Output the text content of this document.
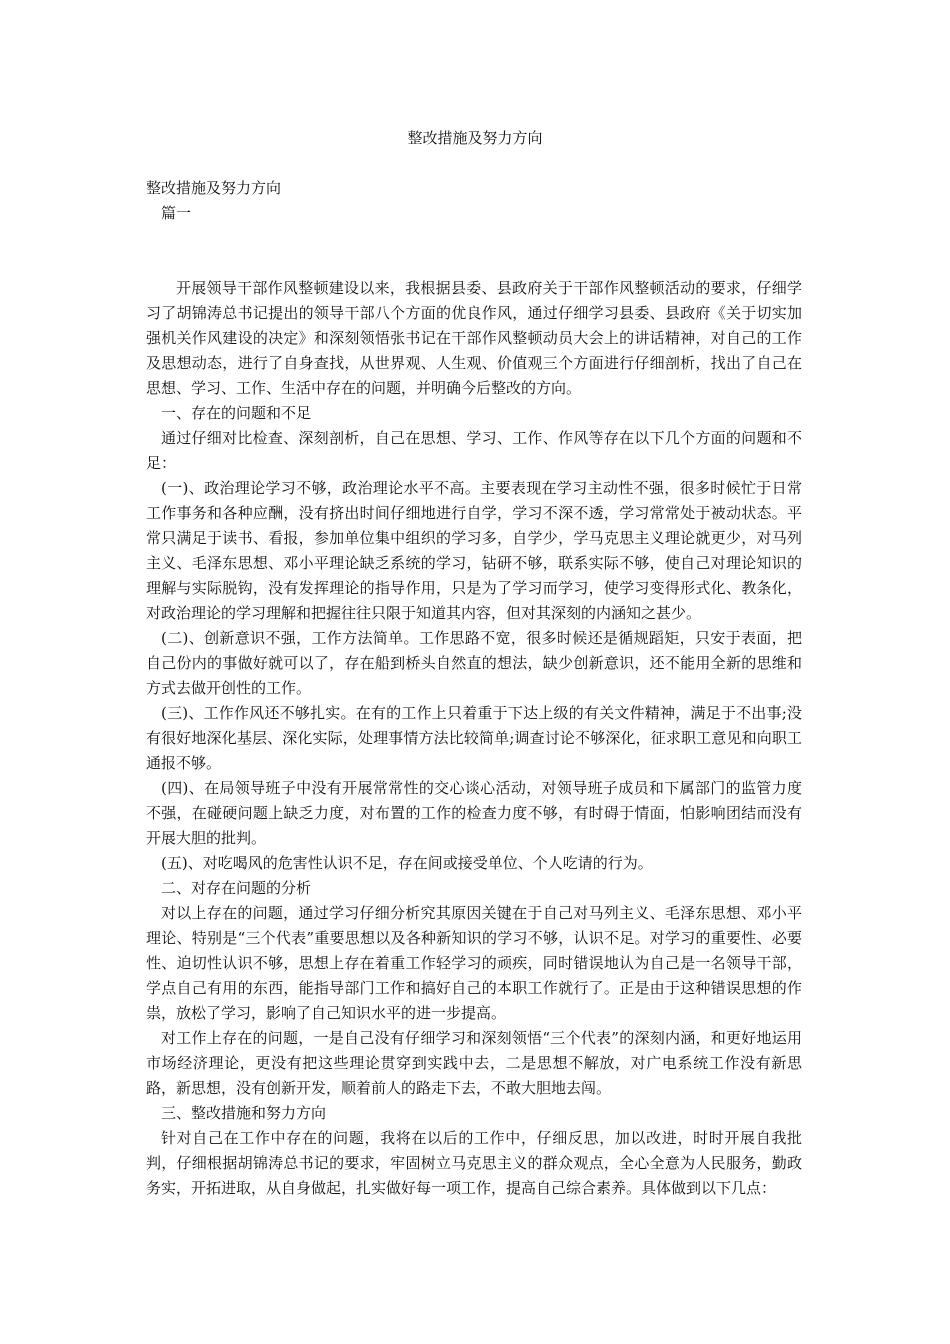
整改措施及努力方向

整改措施及努力方向

篇一

开展领导干部作风整顿建设以来，我根据县委、县政府关于干部作风整顿活动的要求，仔细学习了胡锦涛总书记提出的领导干部八个方面的优良作风，通过仔细学习县委、县政府《关于切实加强机关作风建设的决定》和深刻领悟张书记在干部作风整顿动员大会上的讲话精神，对自己的工作及思想动态，进行了自身查找，从世界观、人生观、价值观三个方面进行仔细剖析，找出了自己在思想、学习、工作、生活中存在的问题，并明确今后整改的方向。

一、存在的问题和不足

通过仔细对比检查、深刻剖析，自己在思想、学习、工作、作风等存在以下几个方面的问题和不足：

(一)、政治理论学习不够，政治理论水平不高。主要表现在学习主动性不强，很多时候忙于日常工作事务和各种应酬，没有挤出时间仔细地进行自学，学习不深不透，学习常常处于被动状态。平常只满足于读书、看报，参加单位集中组织的学习多，自学少，学马克思主义理论就更少，对马列主义、毛泽东思想、邓小平理论缺乏系统的学习，钻研不够，联系实际不够，使自己对理论知识的理解与实际脱钩，没有发挥理论的指导作用，只是为了学习而学习，使学习变得形式化、教条化，对政治理论的学习理解和把握往往只限于知道其内容，但对其深刻的内涵知之甚少。

(二)、创新意识不强，工作方法简单。工作思路不宽，很多时候还是循规蹈矩，只安于表面，把自己份内的事做好就可以了，存在船到桥头自然直的想法，缺少创新意识，还不能用全新的思维和方式去做开创性的工作。

(三)、工作作风还不够扎实。在有的工作上只着重于下达上级的有关文件精神，满足于不出事;没有很好地深化基层、深化实际，处理事情方法比较简单;调查讨论不够深化，征求职工意见和向职工通报不够。

(四)、在局领导班子中没有开展常常性的交心谈心活动，对领导班子成员和下属部门的监管力度不强，在碰硬问题上缺乏力度，对布置的工作的检查力度不够，有时碍于情面，怕影响团结而没有开展大胆的批判。

(五)、对吃喝风的危害性认识不足，存在间或接受单位、个人吃请的行为。

二、对存在问题的分析

对以上存在的问题，通过学习仔细分析究其原因关键在于自己对马列主义、毛泽东思想、邓小平理论、特别是“三个代表”重要思想以及各种新知识的学习不够，认识不足。对学习的重要性、必要性、迫切性认识不够，思想上存在着重工作轻学习的顽疾，同时错误地认为自己是一名领导干部，学点自己有用的东西，能指导部门工作和搞好自己的本职工作就行了。正是由于这种错误思想的作祟，放松了学习，影响了自己知识水平的进一步提高。

对工作上存在的问题，一是自己没有仔细学习和深刻领悟“三个代表”的深刻内涵，和更好地运用市场经济理论，更没有把这些理论贯穿到实践中去，二是思想不解放，对广电系统工作没有新思路，新思想，没有创新开发，顺着前人的路走下去，不敢大胆地去闯。

三、整改措施和努力方向

针对自己在工作中存在的问题，我将在以后的工作中，仔细反思，加以改进，时时开展自我批判，仔细根据胡锦涛总书记的要求，牢固树立马克思主义的群众观点，全心全意为人民服务，勤政务实，开拓进取，从自身做起，扎实做好每一项工作，提高自己综合素养。具体做到以下几点：
